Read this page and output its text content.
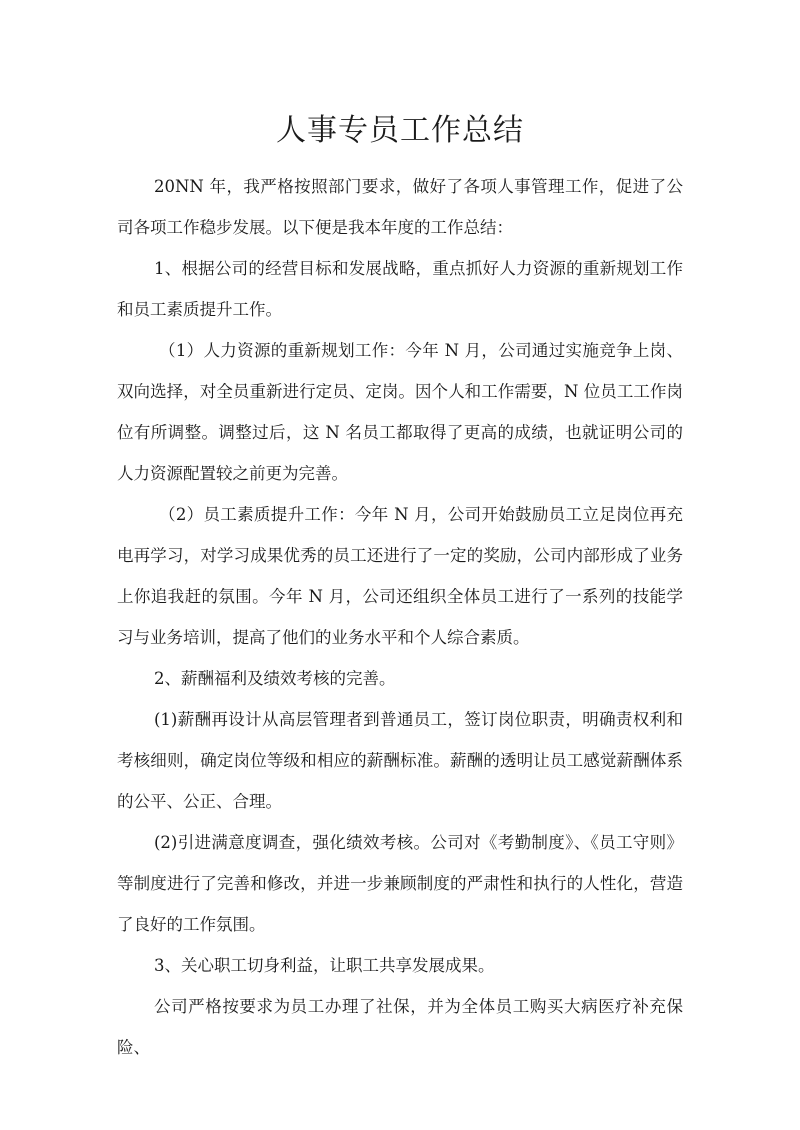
人事专员工作总结

20NN 年，我严格按照部门要求，做好了各项人事管理工作，促进了公司各项工作稳步发展。以下便是我本年度的工作总结：

1、根据公司的经营目标和发展战略，重点抓好人力资源的重新规划工作和员工素质提升工作。

（1）人力资源的重新规划工作：今年 N 月，公司通过实施竞争上岗、双向选择，对全员重新进行定员、定岗。因个人和工作需要，N 位员工工作岗位有所调整。调整过后，这 N 名员工都取得了更高的成绩，也就证明公司的人力资源配置较之前更为完善。

（2）员工素质提升工作：今年 N 月，公司开始鼓励员工立足岗位再充电再学习，对学习成果优秀的员工还进行了一定的奖励，公司内部形成了业务上你追我赶的氛围。今年 N 月，公司还组织全体员工进行了一系列的技能学习与业务培训，提高了他们的业务水平和个人综合素质。

2、薪酬福利及绩效考核的完善。

(1)薪酬再设计从高层管理者到普通员工，签订岗位职责，明确责权利和考核细则，确定岗位等级和相应的薪酬标准。薪酬的透明让员工感觉薪酬体系的公平、公正、合理。

(2)引进满意度调查，强化绩效考核。公司对《考勤制度》、《员工守则》等制度进行了完善和修改，并进一步兼顾制度的严肃性和执行的人性化，营造了良好的工作氛围。

3、关心职工切身利益，让职工共享发展成果。

公司严格按要求为员工办理了社保，并为全体员工购买大病医疗补充保险、
